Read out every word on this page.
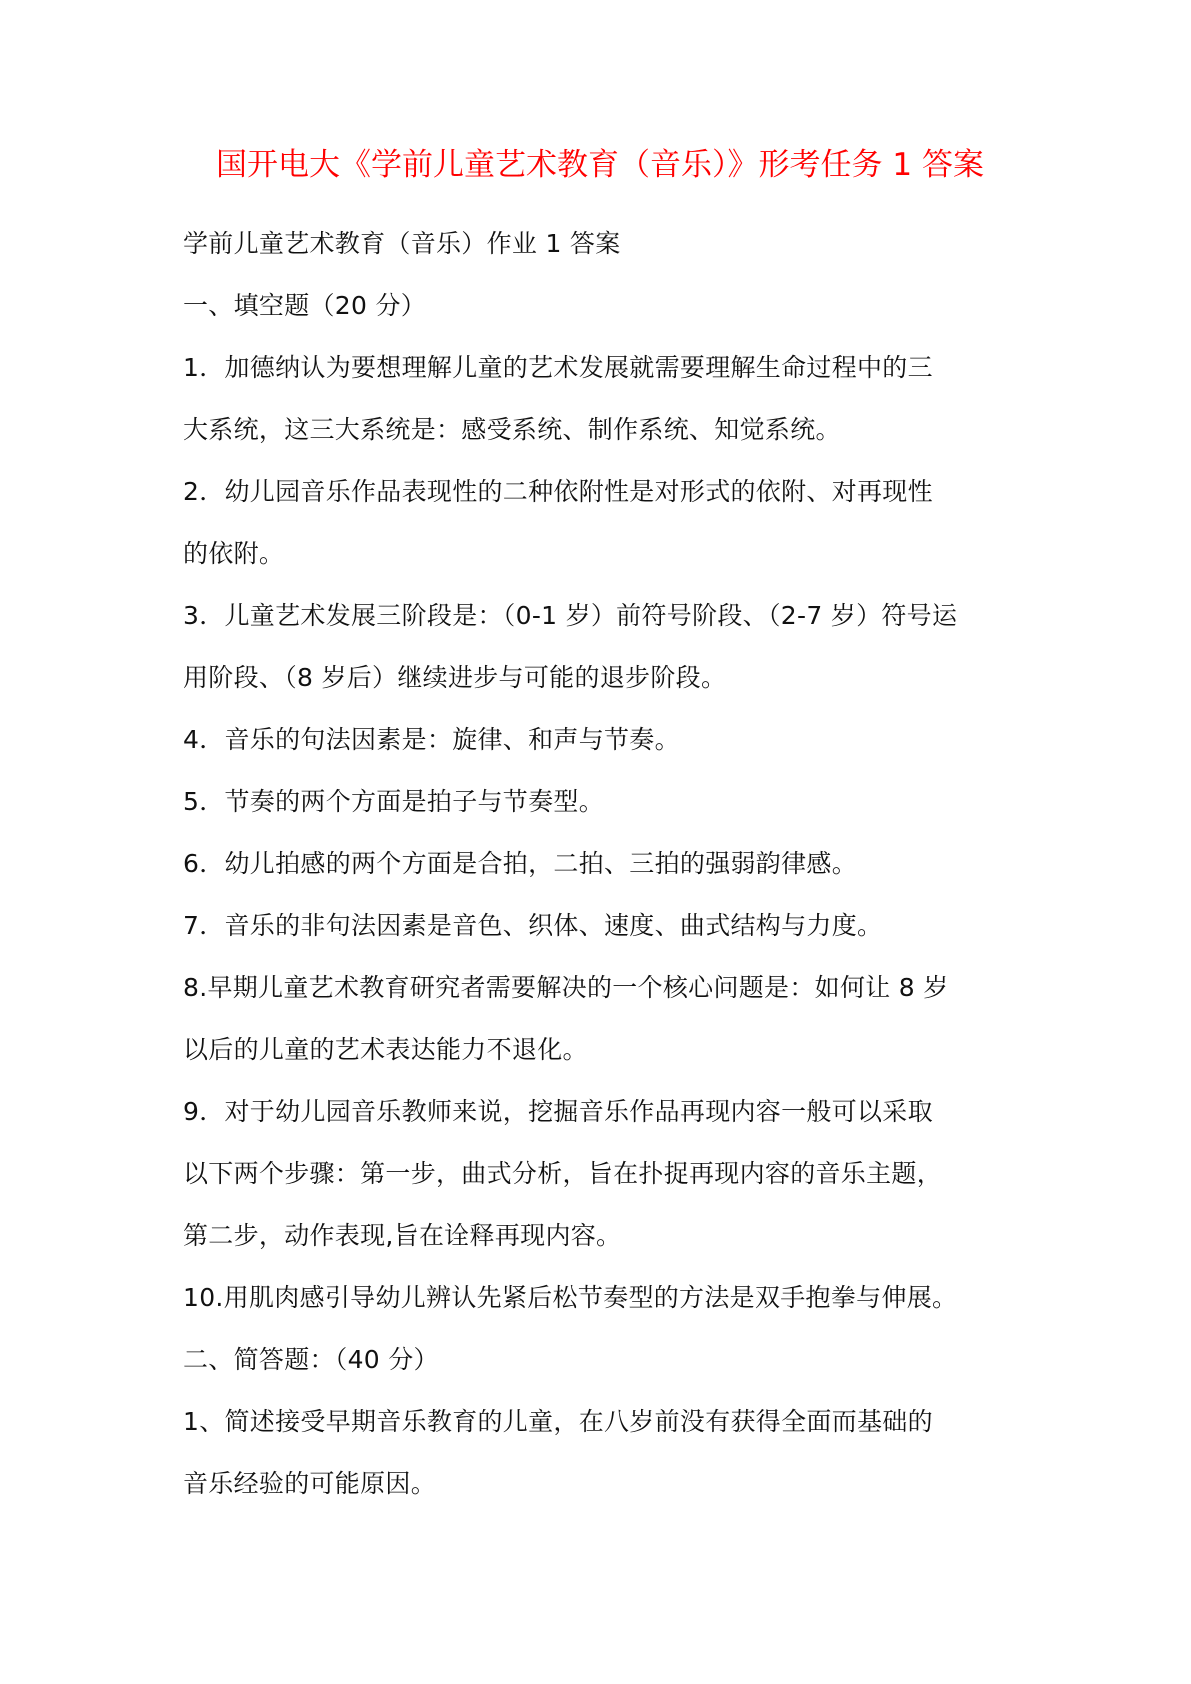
国开电大《学前儿童艺术教育（音乐）》形考任务 1 答案
学前儿童艺术教育（音乐）作业 1 答案
一、填空题（20 分）
1．加德纳认为要想理解儿童的艺术发展就需要理解生命过程中的三
大系统，这三大系统是：感受系统、制作系统、知觉系统。
2．幼儿园音乐作品表现性的二种依附性是对形式的依附、对再现性
的依附。
3．儿童艺术发展三阶段是：（0-1 岁）前符号阶段、（2-7 岁）符号运
用阶段、（8 岁后）继续进步与可能的退步阶段。
4．音乐的句法因素是：旋律、和声与节奏。
5．节奏的两个方面是拍子与节奏型。
6．幼儿拍感的两个方面是合拍，二拍、三拍的强弱韵律感。
7．音乐的非句法因素是音色、织体、速度、曲式结构与力度。
8.早期儿童艺术教育研究者需要解决的一个核心问题是：如何让 8 岁
以后的儿童的艺术表达能力不退化。
9．对于幼儿园音乐教师来说，挖掘音乐作品再现内容一般可以采取
以下两个步骤：第一步，曲式分析，旨在扑捉再现内容的音乐主题，
第二步，动作表现,旨在诠释再现内容。
10.用肌肉感引导幼儿辨认先紧后松节奏型的方法是双手抱拳与伸展。
二、简答题：（40 分）
1、简述接受早期音乐教育的儿童，在八岁前没有获得全面而基础的
音乐经验的可能原因。
